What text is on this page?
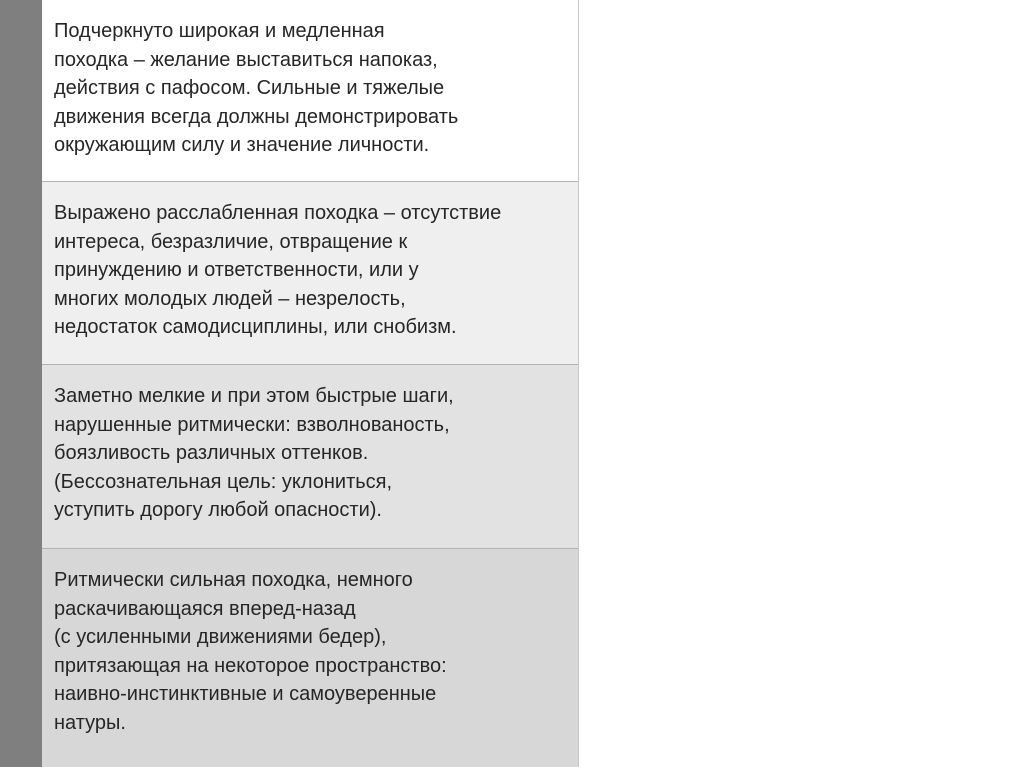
Подчеркнуто широкая и медленная
походка – желание выставиться напоказ,
действия с пафосом. Сильные и тяжелые
движения всегда должны демонстрировать
окружающим силу и значение личности.

Выражено расслабленная походка – отсутствие
интереса, безразличие, отвращение к
принуждению и ответственности, или у
многих молодых людей – незрелость,
недостаток самодисциплины, или снобизм.

Заметно мелкие и при этом быстрые шаги,
нарушенные ритмически: взволнованость,
боязливость различных оттенков.
(Бессознательная цель: уклониться,
уступить дорогу любой опасности).

Ритмически сильная походка, немного
раскачивающаяся вперед-назад
(с усиленными движениями бедер),
притязающая на некоторое пространство:
наивно-инстинктивные и самоуверенные
натуры.
